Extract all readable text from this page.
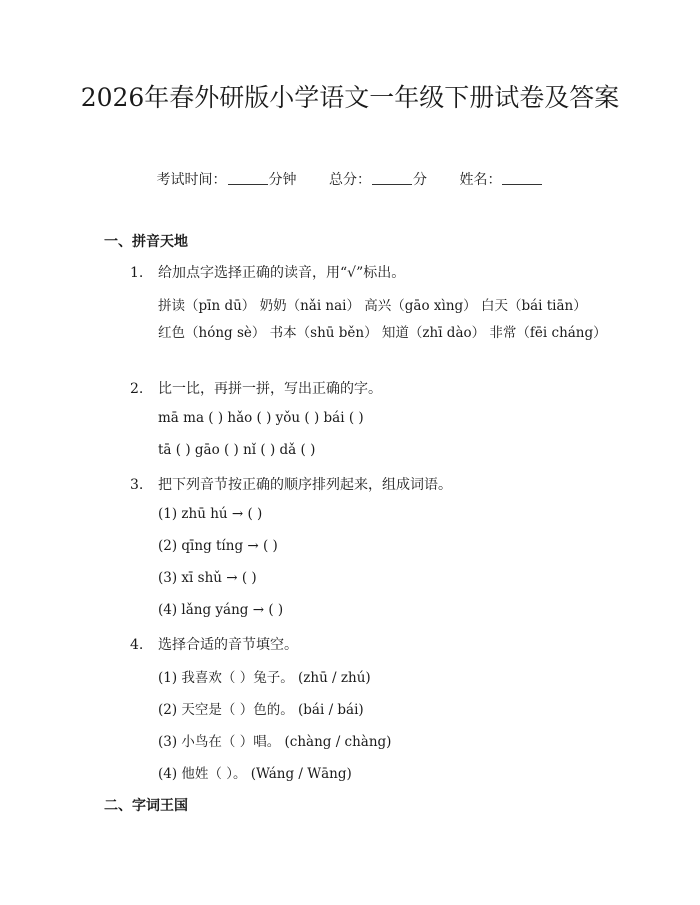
2026年春外研版小学语文一年级下册试卷及答案
考试时间：	分钟 总分：	分 姓名：
一、拼音天地
1. 给加点字选择正确的读音，用“√”标出。
拼读（pīn dū） 奶奶（nǎi nai） 高兴（gāo xìng） 白天（bái tiān）
红色（hóng sè） 书本（shū běn） 知道（zhī dào） 非常（fēi cháng）
2. 比一比，再拼一拼，写出正确的字。
mā ma ( ) hǎo ( ) yǒu ( ) bái ( )
tā ( ) gāo ( ) nǐ ( ) dǎ ( )
3. 把下列音节按正确的顺序排列起来，组成词语。
(1) zhū hú → ( )
(2) qīng tíng → ( )
(3) xī shǔ → ( )
(4) lǎng yáng → ( )
4. 选择合适的音节填空。
(1) 我喜欢（ ）兔子。 (zhū / zhú)
(2) 天空是（ ）色的。 (bái / bái)
(3) 小鸟在（ ）唱。 (chàng / chàng)
(4) 他姓（ ）。 (Wáng / Wāng)
二、字词王国
